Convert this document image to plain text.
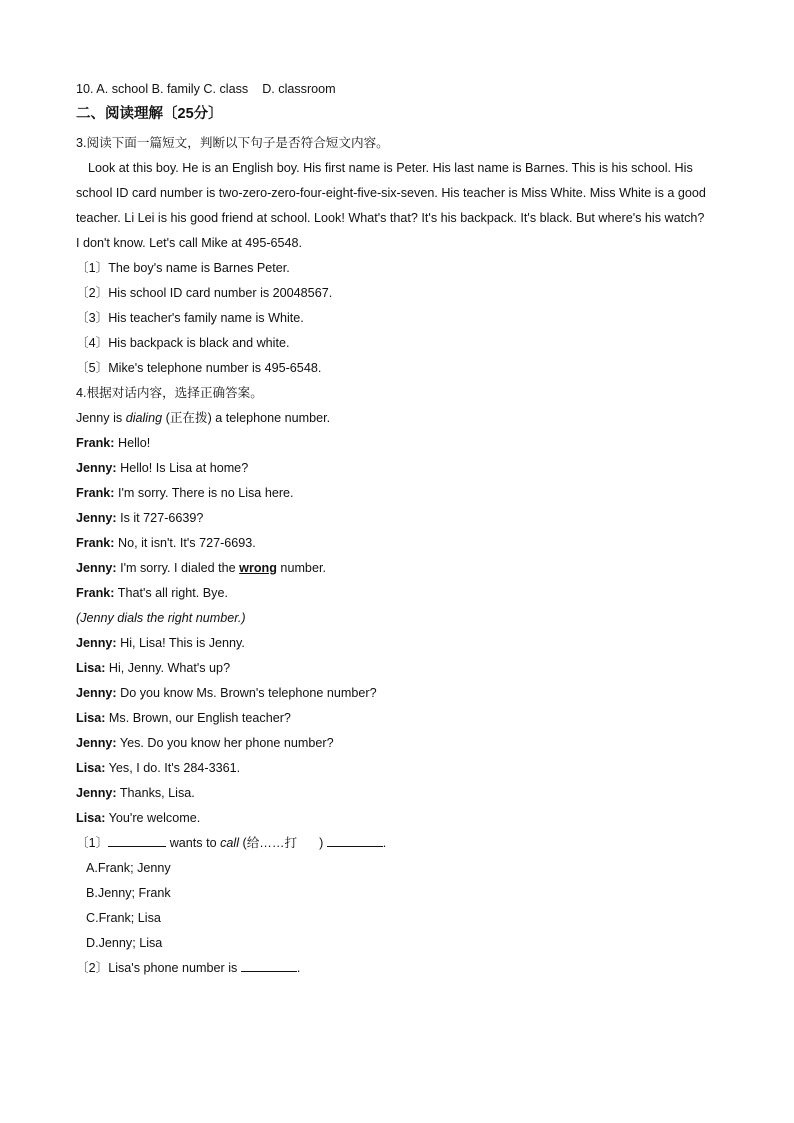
10. A. school B. family C. class D. classroom
二、阅读理解〔25分〕
3.阅读下面一篇短文，判断以下句子是否符合短文内容。
Look at this boy. He is an English boy. His first name is Peter. His last name is Barnes. This is his school. His
school ID card number is two-zero-zero-four-eight-five-six-seven. His teacher is Miss White. Miss White is a good
teacher. Li Lei is his good friend at school. Look! What's that? It's his backpack. It's black. But where's his watch?
I don't know. Let's call Mike at 495-6548.
〔1〕The boy's name is Barnes Peter.
〔2〕His school ID card number is 20048567.
〔3〕His teacher's family name is White.
〔4〕His backpack is black and white.
〔5〕Mike's telephone number is 495-6548.
4.根据对话内容，选择正确答案。
Jenny is dialing (正在拨) a telephone number.
Frank: Hello!
Jenny: Hello! Is Lisa at home?
Frank: I'm sorry. There is no Lisa here.
Jenny: Is it 727-6639?
Frank: No, it isn't. It's 727-6693.
Jenny: I'm sorry. I dialed the wrong number.
Frank: That's all right. Bye.
(Jenny dials the right number.)
Jenny: Hi, Lisa! This is Jenny.
Lisa: Hi, Jenny. What's up?
Jenny: Do you know Ms. Brown's telephone number?
Lisa: Ms. Brown, our English teacher?
Jenny: Yes. Do you know her phone number?
Lisa: Yes, I do. It's 284-3361.
Jenny: Thanks, Lisa.
Lisa: You're welcome.
〔1〕	wants to call (给……打 )	.
A.Frank; Jenny
B.Jenny; Frank
C.Frank; Lisa
D.Jenny; Lisa
〔2〕Lisa's phone number is	.
